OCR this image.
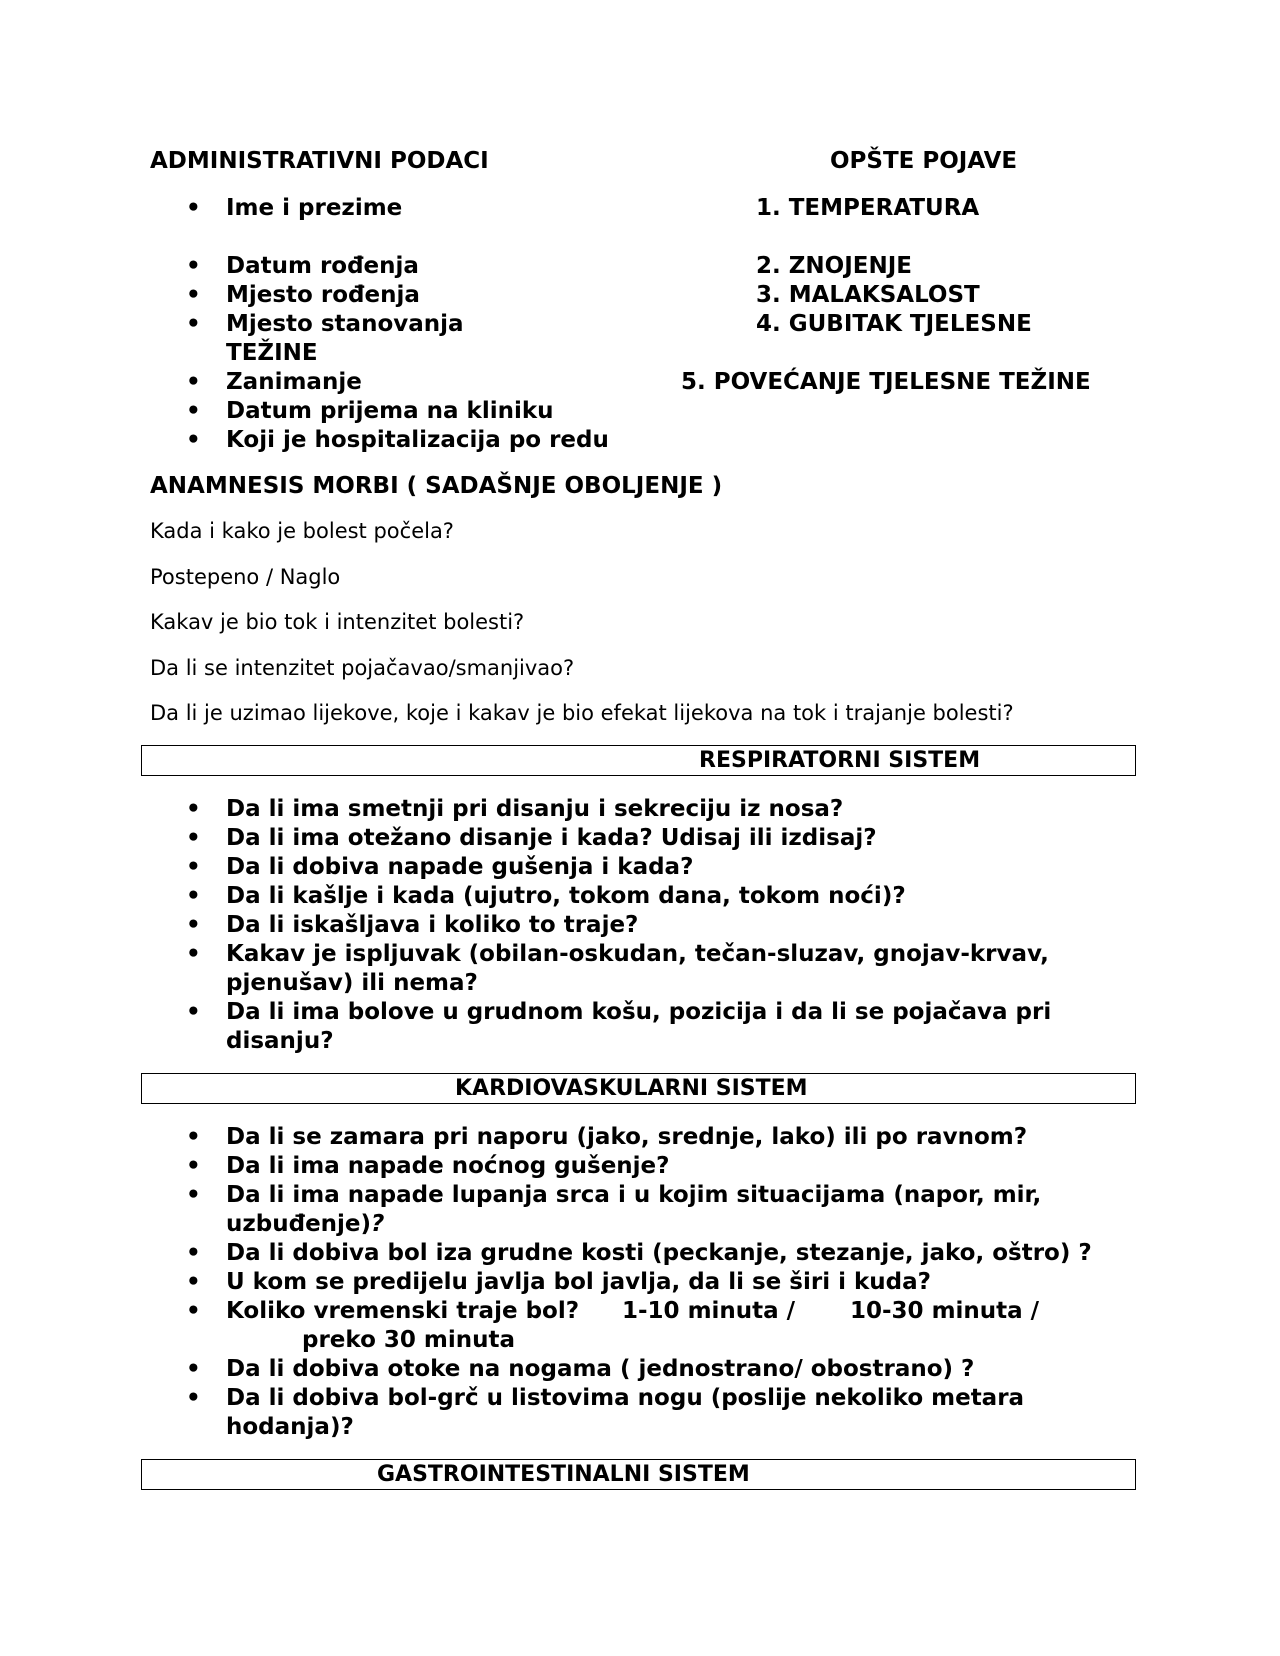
ADMINISTRATIVNI PODACI	OPŠTE POJAVE
• Ime i prezime
• Datum rođenja
• Mjesto rođenja
• Mjesto stanovanja
TEŽINE
• Zanimanje
• Datum prijema na kliniku
• Koji je hospitalizacija po redu
1. TEMPERATURA
2. ZNOJENJE
3. MALAKSALOST
4. GUBITAK TJELESNE
5. POVEĆANJE TJELESNE TEŽINE
ANAMNESIS MORBI ( SADAŠNJE OBOLJENJE )
Kada i kako je bolest počela?
Postepeno / Naglo
Kakav je bio tok i intenzitet bolesti?
Da li se intenzitet pojačavao/smanjivao?
Da li je uzimao lijekove, koje i kakav je bio efekat lijekova na tok i trajanje bolesti?
RESPIRATORNI SISTEM
• Da li ima smetnji pri disanju i sekreciju iz nosa?
• Da li ima otežano disanje i kada? Udisaj ili izdisaj?
• Da li dobiva napade gušenja i kada?
• Da li kašlje i kada (ujutro, tokom dana, tokom noći)?
• Da li iskašljava i koliko to traje?
• Kakav je ispljuvak (obilan-oskudan, tečan-sluzav, gnojav-krvav,
pjenušav) ili nema?
• Da li ima bolove u grudnom košu, pozicija i da li se pojačava pri
disanju?
KARDIOVASKULARNI SISTEM
• Da li se zamara pri naporu (jako, srednje, lako) ili po ravnom?
• Da li ima napade noćnog gušenje?
• Da li ima napade lupanja srca i u kojim situacijama (napor, mir,
uzbuđenje)?
• Da li dobiva bol iza grudne kosti (peckanje, stezanje, jako, oštro) ?
• U kom se predijelu javlja bol javlja, da li se širi i kuda?
• Koliko vremenski traje bol? 1-10 minuta / 10-30 minuta /
preko 30 minuta
• Da li dobiva otoke na nogama ( jednostrano/ obostrano) ?
• Da li dobiva bol-grč u listovima nogu (poslije nekoliko metara
hodanja)?
GASTROINTESTINALNI SISTEM
